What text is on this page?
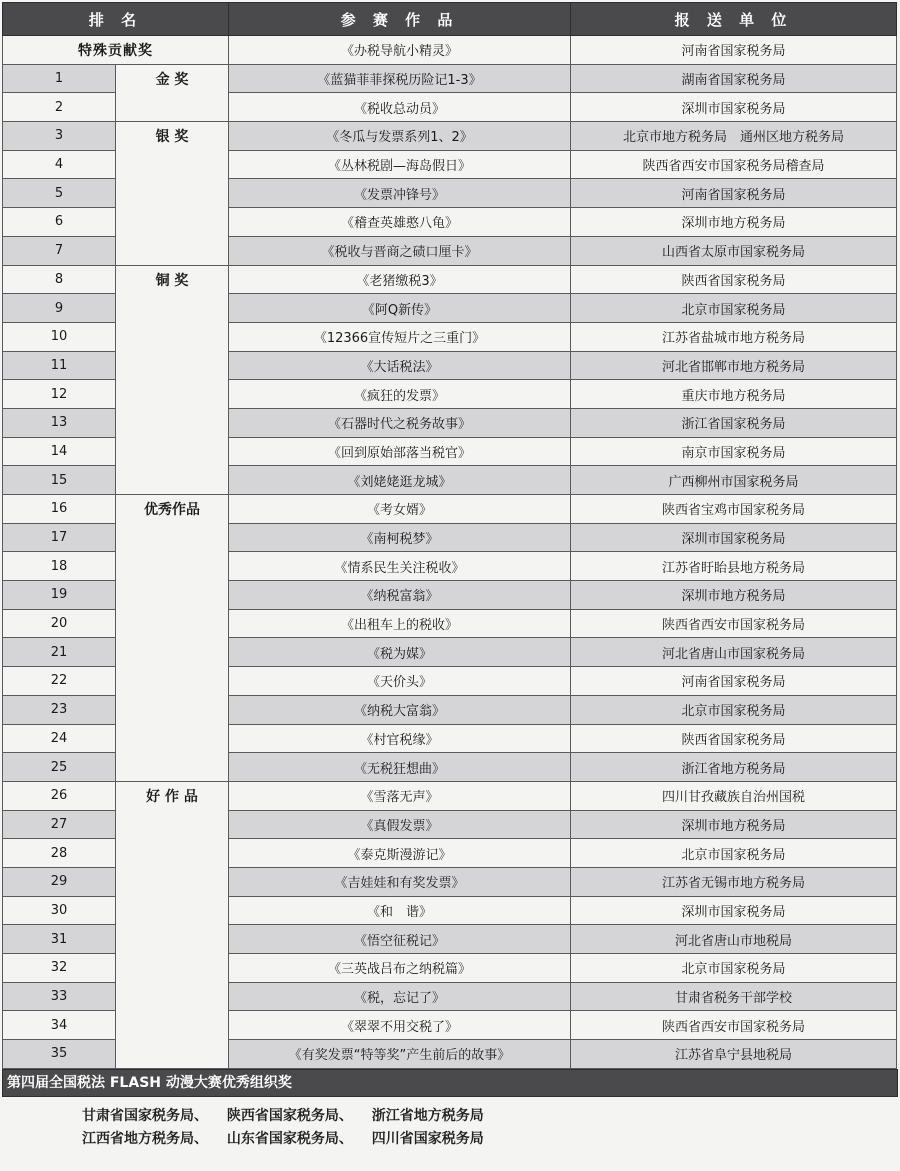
排 名		参 赛 作 品	报 送 单 位
特殊贡献奖		《办税导航小精灵》	河南省国家税务局
1	金 奖	《蓝猫菲菲探税历险记1-3》	湖南省国家税务局
2		《税收总动员》	深圳市国家税务局
3	银 奖	《冬瓜与发票系列1、2》	北京市地方税务局　通州区地方税务局
4		《丛林税剧—海岛假日》	陕西省西安市国家税务局稽查局
5		《发票冲锋号》	河南省国家税务局
6		《稽查英雄憨八龟》	深圳市地方税务局
7		《税收与晋商之碛口厘卡》	山西省太原市国家税务局
8	铜 奖	《老猪缴税3》	陕西省国家税务局
9		《阿Q新传》	北京市国家税务局
10		《12366宣传短片之三重门》	江苏省盐城市地方税务局
11		《大话税法》	河北省邯郸市地方税务局
12		《疯狂的发票》	重庆市地方税务局
13		《石器时代之税务故事》	浙江省国家税务局
14		《回到原始部落当税官》	南京市国家税务局
15		《刘姥姥逛龙城》	广西柳州市国家税务局
16	优秀作品	《考女婿》	陕西省宝鸡市国家税务局
17		《南柯税梦》	深圳市国家税务局
18		《情系民生关注税收》	江苏省盱眙县地方税务局
19		《纳税富翁》	深圳市地方税务局
20		《出租车上的税收》	陕西省西安市国家税务局
21		《税为媒》	河北省唐山市国家税务局
22		《天价头》	河南省国家税务局
23		《纳税大富翁》	北京市国家税务局
24		《村官税缘》	陕西省国家税务局
25		《无税狂想曲》	浙江省地方税务局
26	好 作 品	《雪落无声》	四川甘孜藏族自治州国税
27		《真假发票》	深圳市地方税务局
28		《泰克斯漫游记》	北京市国家税务局
29		《吉娃娃和有奖发票》	江苏省无锡市地方税务局
30		《和　谐》	深圳市国家税务局
31		《悟空征税记》	河北省唐山市地税局
32		《三英战吕布之纳税篇》	北京市国家税务局
33		《税，忘记了》	甘肃省税务干部学校
34		《翠翠不用交税了》	陕西省西安市国家税务局
35		《有奖发票“特等奖”产生前后的故事》	江苏省阜宁县地税局
第四届全国税法 FLASH 动漫大赛优秀组织奖
甘肃省国家税务局、 陕西省国家税务局、 浙江省地方税务局
江西省地方税务局、 山东省国家税务局、 四川省国家税务局
